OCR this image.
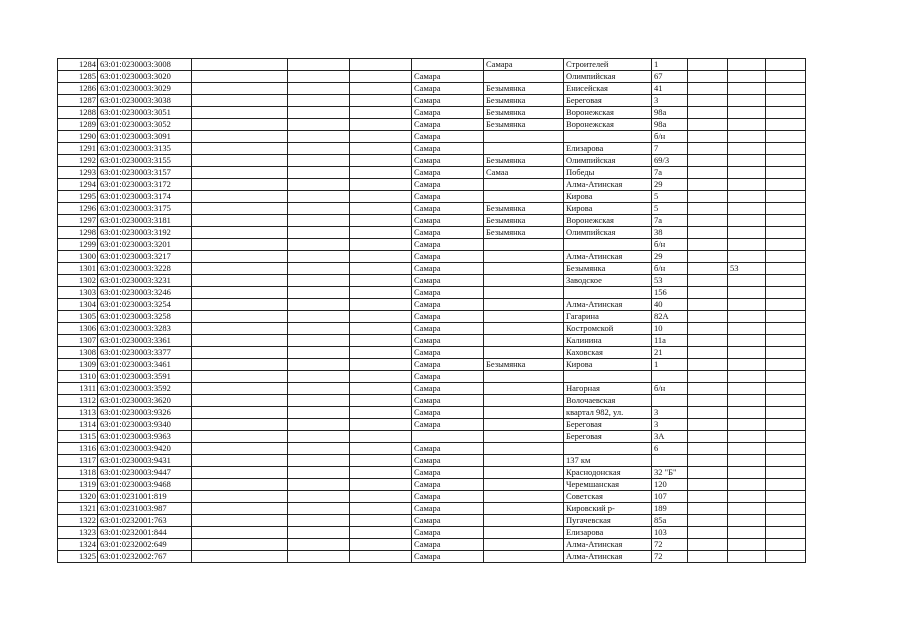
1284	63:01:0230003:3008					Самара	Строителей	1			
1285	63:01:0230003:3020				Самара		Олимпийская	67			
1286	63:01:0230003:3029				Самара	Безымянка	Енисейская	41			
1287	63:01:0230003:3038				Самара	Безымянка	Береговая	3			
1288	63:01:0230003:3051				Самара	Безымянка	Воронежская	98а			
1289	63:01:0230003:3052				Самара	Безымянка	Воронежская	98а			
1290	63:01:0230003:3091				Самара			б/н			
1291	63:01:0230003:3135				Самара		Елизарова	7			
1292	63:01:0230003:3155				Самара	Безымянка	Олимпийская	69/3			
1293	63:01:0230003:3157				Самара	Самаа	Победы	7а			
1294	63:01:0230003:3172				Самара		Алма-Атинская	29			
1295	63:01:0230003:3174				Самара		Кирова	5			
1296	63:01:0230003:3175				Самара	Безымянка	Кирова	5			
1297	63:01:0230003:3181				Самара	Безымянка	Воронежская	7а			
1298	63:01:0230003:3192				Самара	Безымянка	Олимпийская	38			
1299	63:01:0230003:3201				Самара			б/н			
1300	63:01:0230003:3217				Самара		Алма-Атинская	29			
1301	63:01:0230003:3228				Самара		Безымянка	б/н		53	
1302	63:01:0230003:3231				Самара		Заводское	53			
1303	63:01:0230003:3246				Самара			156			
1304	63:01:0230003:3254				Самара		Алма-Атинская	40			
1305	63:01:0230003:3258				Самара		Гагарина	82А			
1306	63:01:0230003:3283				Самара		Костромской	10			
1307	63:01:0230003:3361				Самара		Калинина	11а			
1308	63:01:0230003:3377				Самара		Каховская	21			
1309	63:01:0230003:3461				Самара	Безымянка	Кирова	1			
1310	63:01:0230003:3591				Самара						
1311	63:01:0230003:3592				Самара		Нагорная	б/н			
1312	63:01:0230003:3620				Самара		Волочаевская				
1313	63:01:0230003:9326				Самара		квартал 982, ул.	3			
1314	63:01:0230003:9340				Самара		Береговая	3			
1315	63:01:0230003:9363						Береговая	3А			
1316	63:01:0230003:9420				Самара			6			
1317	63:01:0230003:9431				Самара		137 км				
1318	63:01:0230003:9447				Самара		Краснодонская	32 "Б"			
1319	63:01:0230003:9468				Самара		Черемшанская	120			
1320	63:01:0231001:819				Самара		Советская	107			
1321	63:01:0231003:987				Самара		Кировский р-	189			
1322	63:01:0232001:763				Самара		Пугачевская	85а			
1323	63:01:0232001:844				Самара		Елизарова	103			
1324	63:01:0232002:649				Самара		Алма-Атинская	72			
1325	63:01:0232002:767				Самара		Алма-Атинская	72			
